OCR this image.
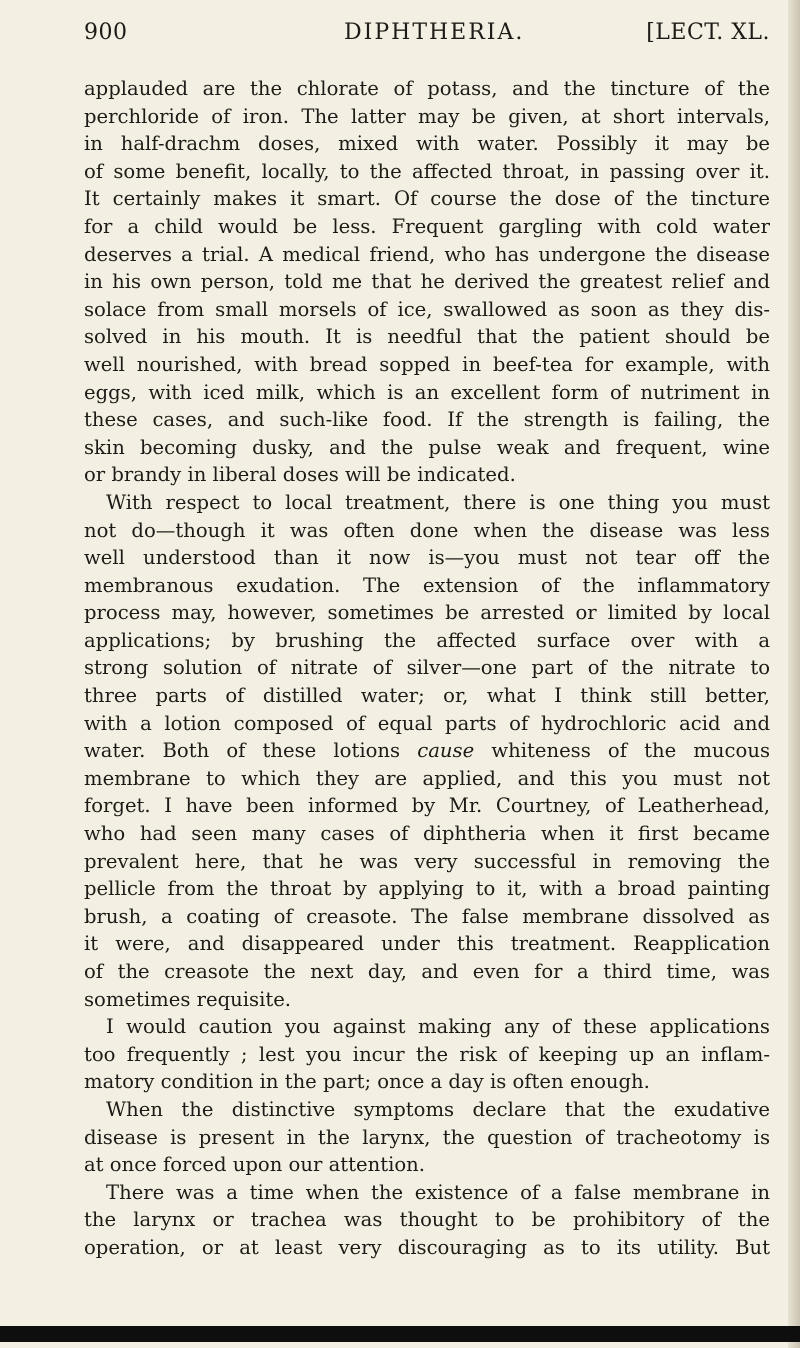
900	DIPHTHERIA.	[LECT. XL.
applauded are the chlorate of potass, and the tincture of the
perchloride of iron. The latter may be given, at short intervals,
in half-drachm doses, mixed with water. Possibly it may be
of some benefit, locally, to the affected throat, in passing over it.
It certainly makes it smart. Of course the dose of the tincture
for a child would be less. Frequent gargling with cold water
deserves a trial. A medical friend, who has undergone the disease
in his own person, told me that he derived the greatest relief and
solace from small morsels of ice, swallowed as soon as they dis-
solved in his mouth. It is needful that the patient should be
well nourished, with bread sopped in beef-tea for example, with
eggs, with iced milk, which is an excellent form of nutriment in
these cases, and such-like food. If the strength is failing, the
skin becoming dusky, and the pulse weak and frequent, wine
or brandy in liberal doses will be indicated.
With respect to local treatment, there is one thing you must
not do—though it was often done when the disease was less
well understood than it now is—you must not tear off the
membranous exudation. The extension of the inflammatory
process may, however, sometimes be arrested or limited by local
applications; by brushing the affected surface over with a
strong solution of nitrate of silver—one part of the nitrate to
three parts of distilled water; or, what I think still better,
with a lotion composed of equal parts of hydrochloric acid and
water. Both of these lotions cause whiteness of the mucous
membrane to which they are applied, and this you must not
forget. I have been informed by Mr. Courtney, of Leatherhead,
who had seen many cases of diphtheria when it first became
prevalent here, that he was very successful in removing the
pellicle from the throat by applying to it, with a broad painting
brush, a coating of creasote. The false membrane dissolved as
it were, and disappeared under this treatment. Reapplication
of the creasote the next day, and even for a third time, was
sometimes requisite.
I would caution you against making any of these applications
too frequently ; lest you incur the risk of keeping up an inflam-
matory condition in the part; once a day is often enough.
When the distinctive symptoms declare that the exudative
disease is present in the larynx, the question of tracheotomy is
at once forced upon our attention.
There was a time when the existence of a false membrane in
the larynx or trachea was thought to be prohibitory of the
operation, or at least very discouraging as to its utility. But
